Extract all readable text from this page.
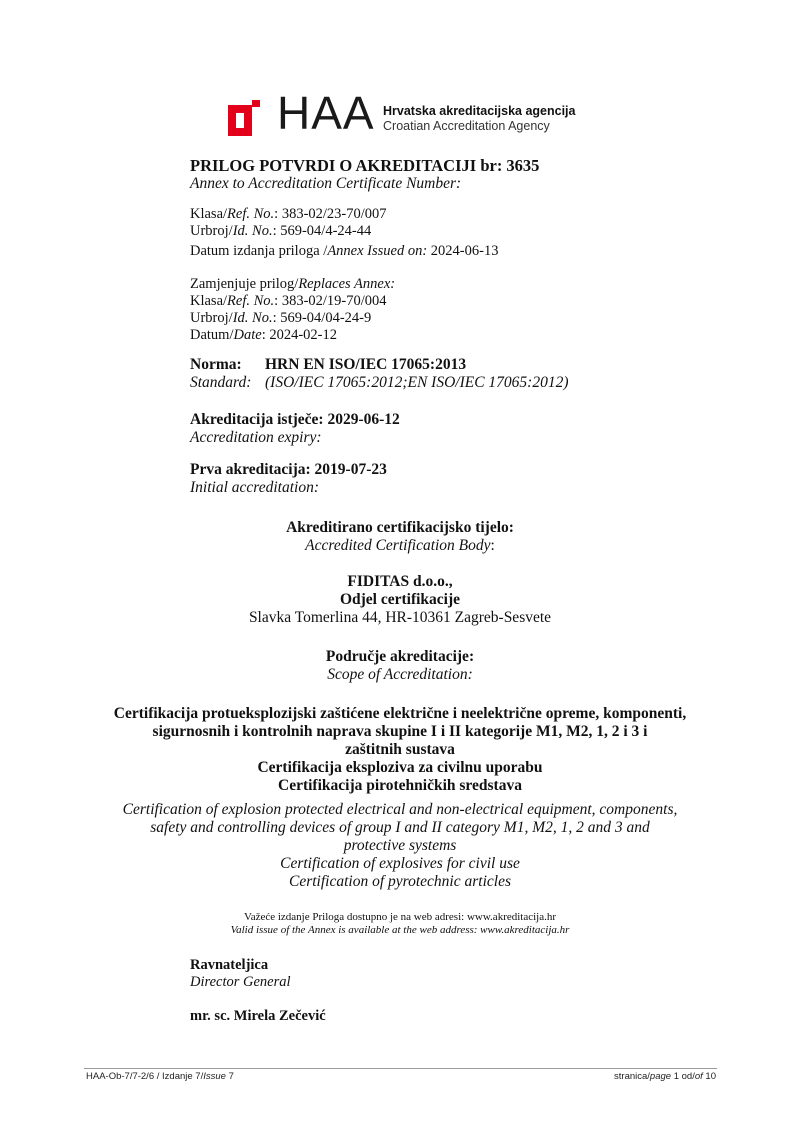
HAA Hrvatska akreditacijska agencija
Croatian Accreditation Agency
PRILOG POTVRDI O AKREDITACIJI br: 3635
Annex to Accreditation Certificate Number:
Klasa/Ref. No.: 383-02/23-70/007
Urbroj/Id. No.: 569-04/4-24-44
Datum izdanja priloga /Annex Issued on: 2024-06-13
Zamjenjuje prilog/Replaces Annex:
Klasa/Ref. No.: 383-02/19-70/004
Urbroj/Id. No.: 569-04/04-24-9
Datum/Date: 2024-02-12
Norma: HRN EN ISO/IEC 17065:2013
Standard: (ISO/IEC 17065:2012;EN ISO/IEC 17065:2012)
Akreditacija istječe: 2029-06-12
Accreditation expiry:
Prva akreditacija: 2019-07-23
Initial accreditation:
Akreditirano certifikacijsko tijelo:
Accredited Certification Body:
FIDITAS d.o.o.,
Odjel certifikacije
Slavka Tomerlina 44, HR-10361 Zagreb-Sesvete
Područje akreditacije:
Scope of Accreditation:
Certifikacija protueksplozijski zaštićene električne i neelektrične opreme, komponenti,
sigurnosnih i kontrolnih naprava skupine I i II kategorije M1, M2, 1, 2 i 3 i
zaštitnih sustava
Certifikacija eksploziva za civilnu uporabu
Certifikacija pirotehničkih sredstava
Certification of explosion protected electrical and non-electrical equipment, components,
safety and controlling devices of group I and II category M1, M2, 1, 2 and 3 and
protective systems
Certification of explosives for civil use
Certification of pyrotechnic articles
Važeće izdanje Priloga dostupno je na web adresi: www.akreditacija.hr
Valid issue of the Annex is available at the web address: www.akreditacija.hr
Ravnateljica
Director General
mr. sc. Mirela Zečević
HAA-Ob-7/7-2/6 / Izdanje 7/Issue 7	stranica/page 1 od/of 10
